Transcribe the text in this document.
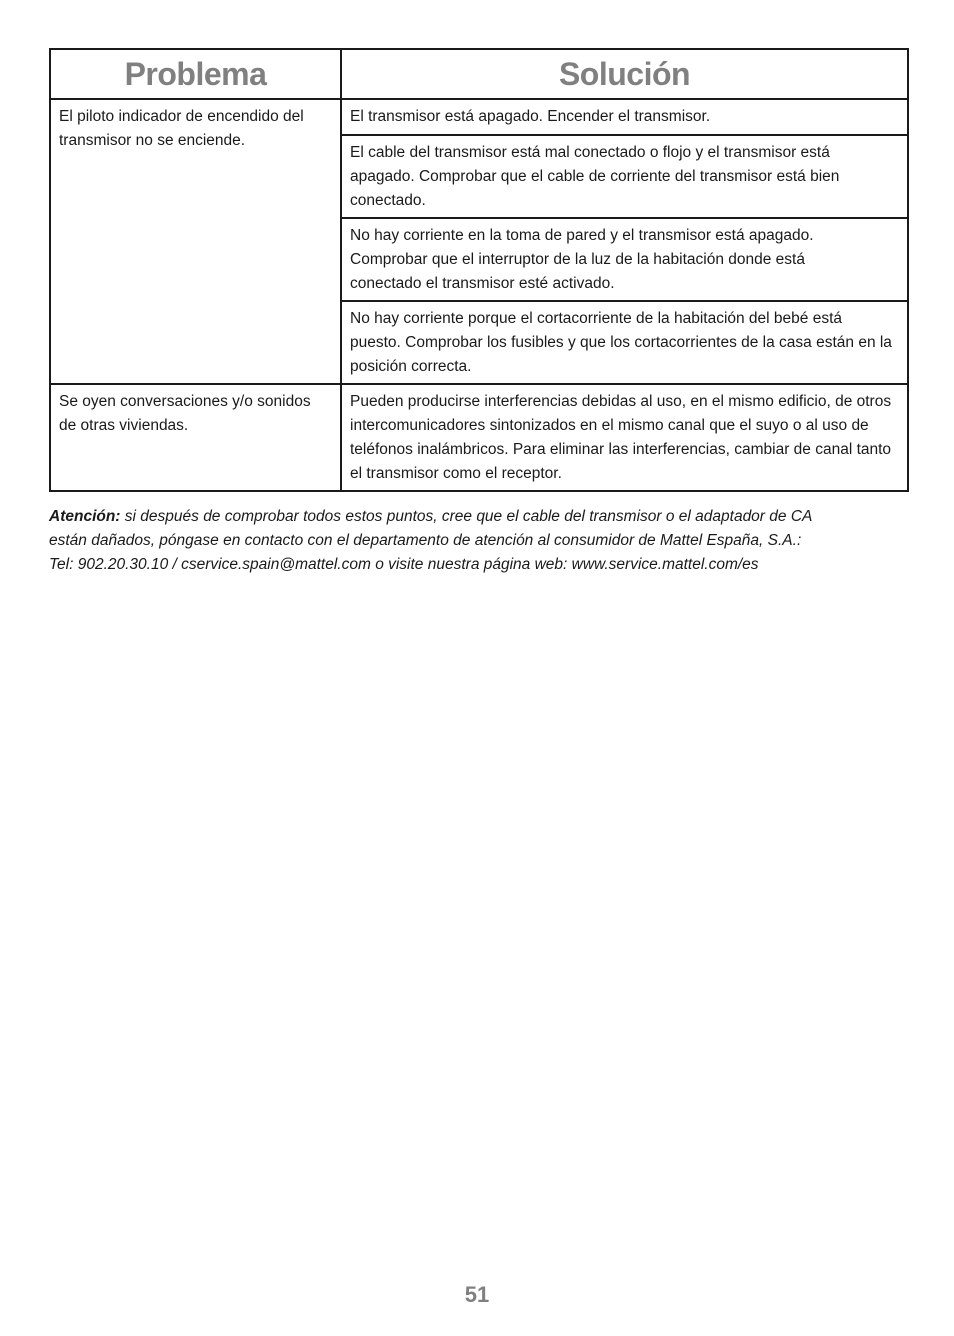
Problema	Solución

El piloto indicador de encendido del transmisor no se enciende.	El transmisor está apagado. Encender el transmisor.

	El cable del transmisor está mal conectado o flojo y el transmisor está apagado. Comprobar que el cable de corriente del transmisor está bien conectado.

	No hay corriente en la toma de pared y el transmisor está apagado. Comprobar que el interruptor de la luz de la habitación donde está conectado el transmisor esté activado.

	No hay corriente porque el cortacorriente de la habitación del bebé está puesto. Comprobar los fusibles y que los cortacorrientes de la casa están en la posición correcta.

Se oyen conversaciones y/o sonidos de otras viviendas.	Pueden producirse interferencias debidas al uso, en el mismo edificio, de otros intercomunicadores sintonizados en el mismo canal que el suyo o al uso de teléfonos inalámbricos. Para eliminar las interferencias, cambiar de canal tanto el transmisor como el receptor.
Atención: si después de comprobar todos estos puntos, cree que el cable del transmisor o el adaptador de CA
están dañados, póngase en contacto con el departamento de atención al consumidor de Mattel España, S.A.:
Tel: 902.20.30.10 / cservice.spain@mattel.com o visite nuestra página web: www.service.mattel.com/es
51
